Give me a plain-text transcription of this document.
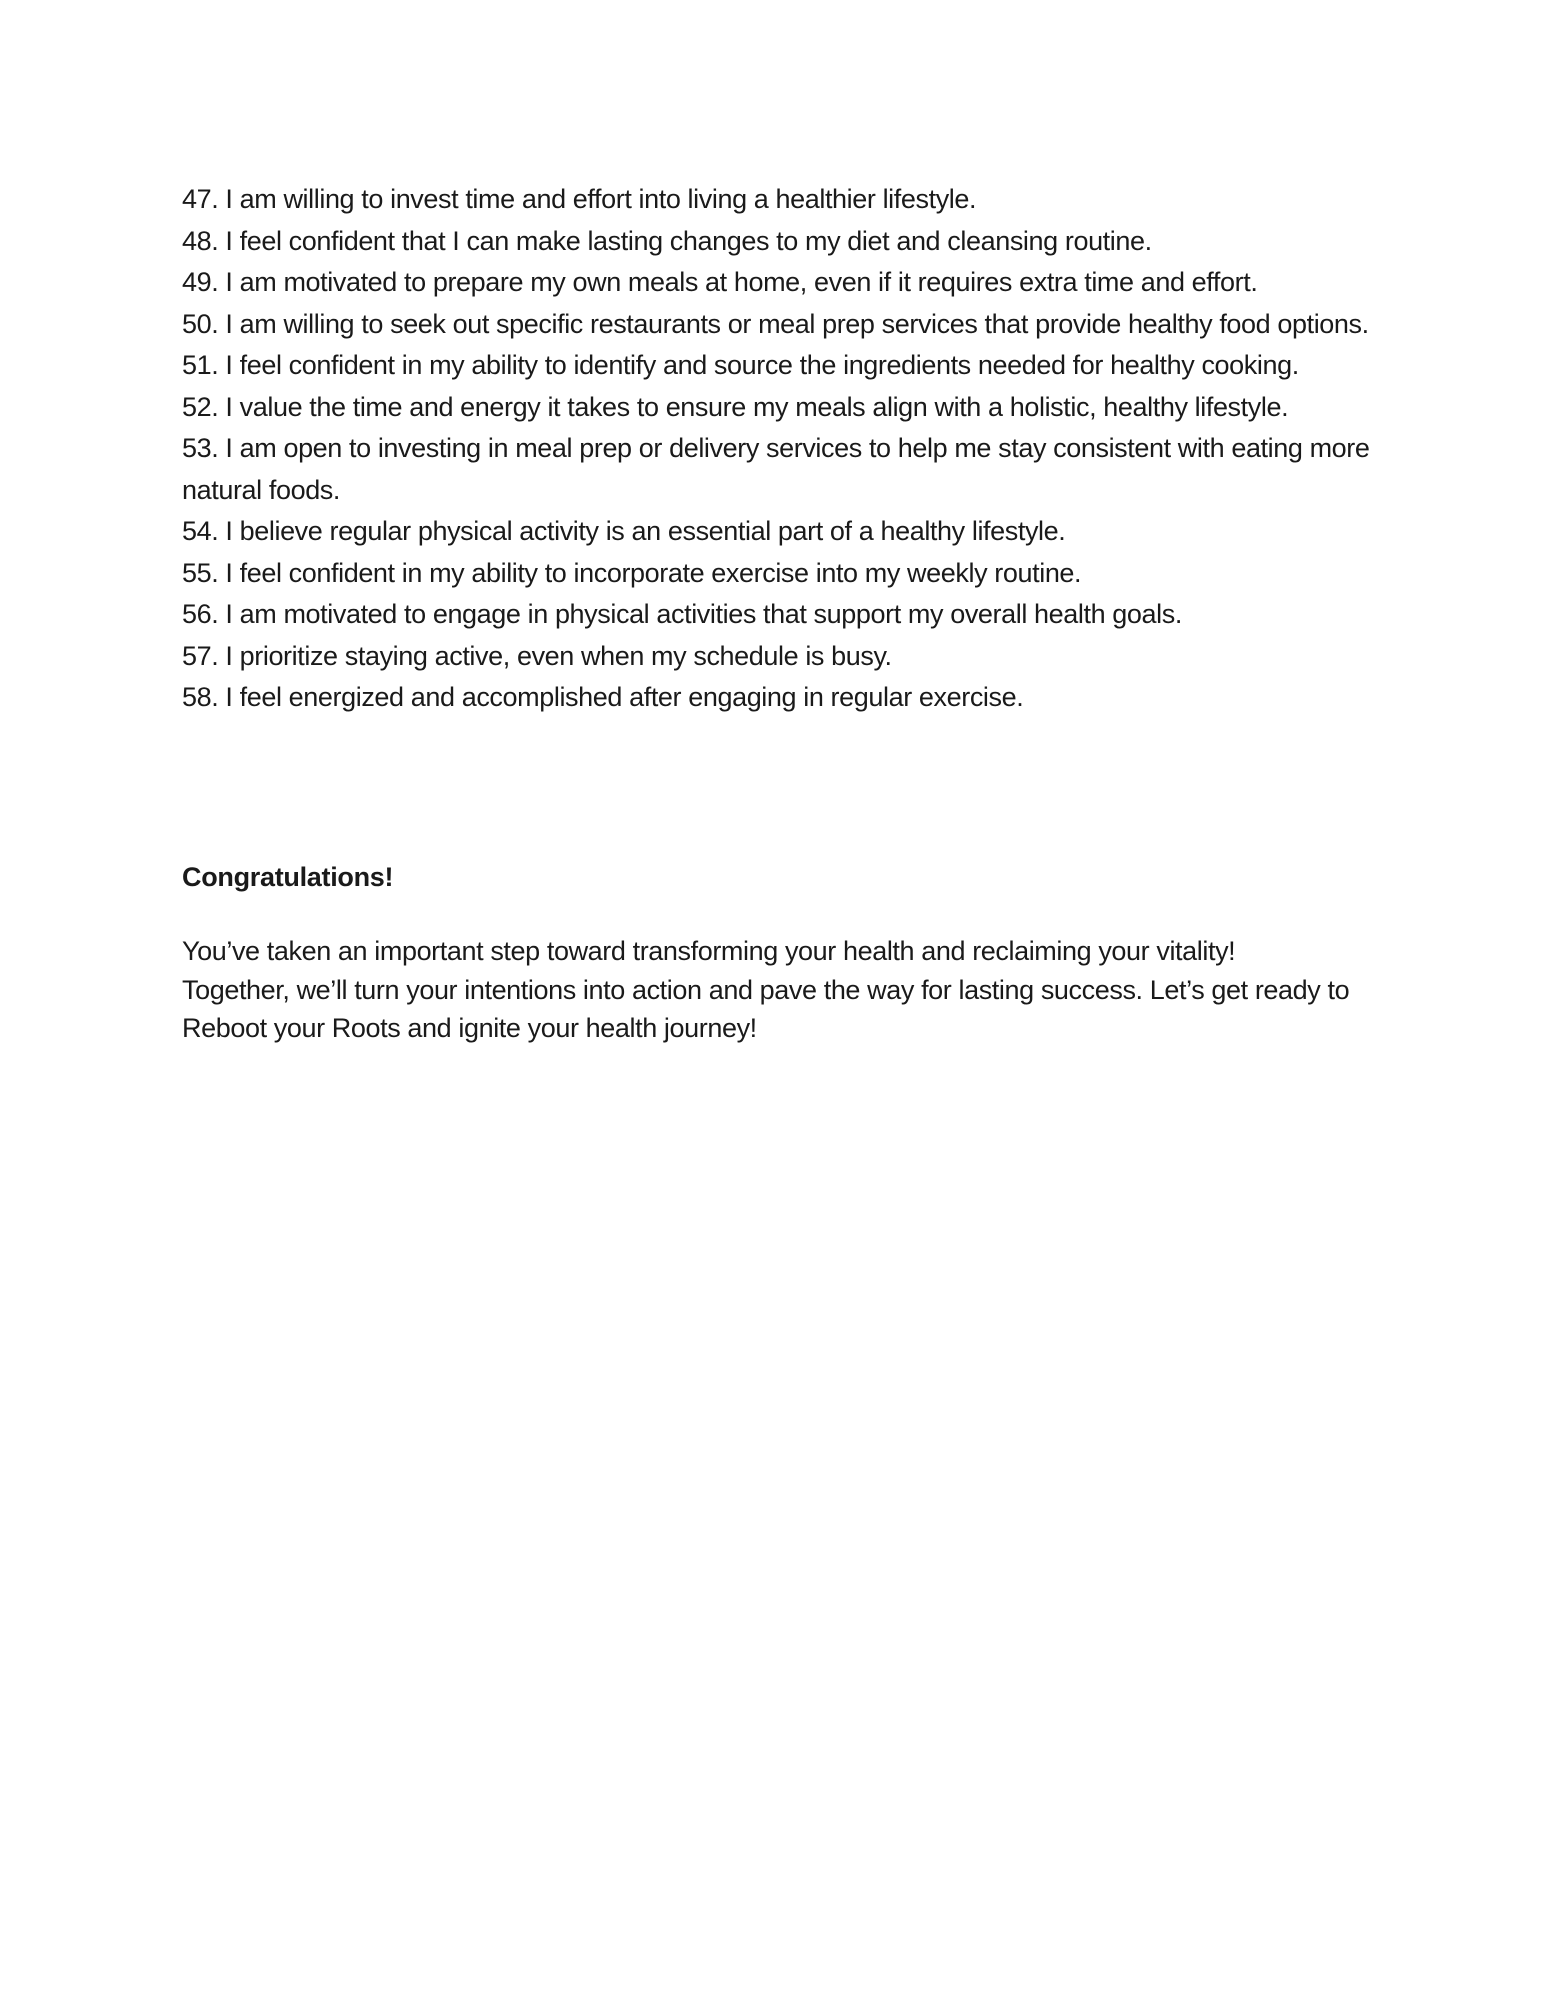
47. I am willing to invest time and effort into living a healthier lifestyle.
48. I feel confident that I can make lasting changes to my diet and cleansing routine.
49. I am motivated to prepare my own meals at home, even if it requires extra time and effort.
50. I am willing to seek out specific restaurants or meal prep services that provide healthy food options.
51. I feel confident in my ability to identify and source the ingredients needed for healthy cooking.
52. I value the time and energy it takes to ensure my meals align with a holistic, healthy lifestyle.
53. I am open to investing in meal prep or delivery services to help me stay consistent with eating more natural foods.
54. I believe regular physical activity is an essential part of a healthy lifestyle.
55. I feel confident in my ability to incorporate exercise into my weekly routine.
56. I am motivated to engage in physical activities that support my overall health goals.
57. I prioritize staying active, even when my schedule is busy.
58. I feel energized and accomplished after engaging in regular exercise.
Congratulations!

You’ve taken an important step toward transforming your health and reclaiming your vitality!
Together, we’ll turn your intentions into action and pave the way for lasting success. Let’s get ready to Reboot your Roots and ignite your health journey!
